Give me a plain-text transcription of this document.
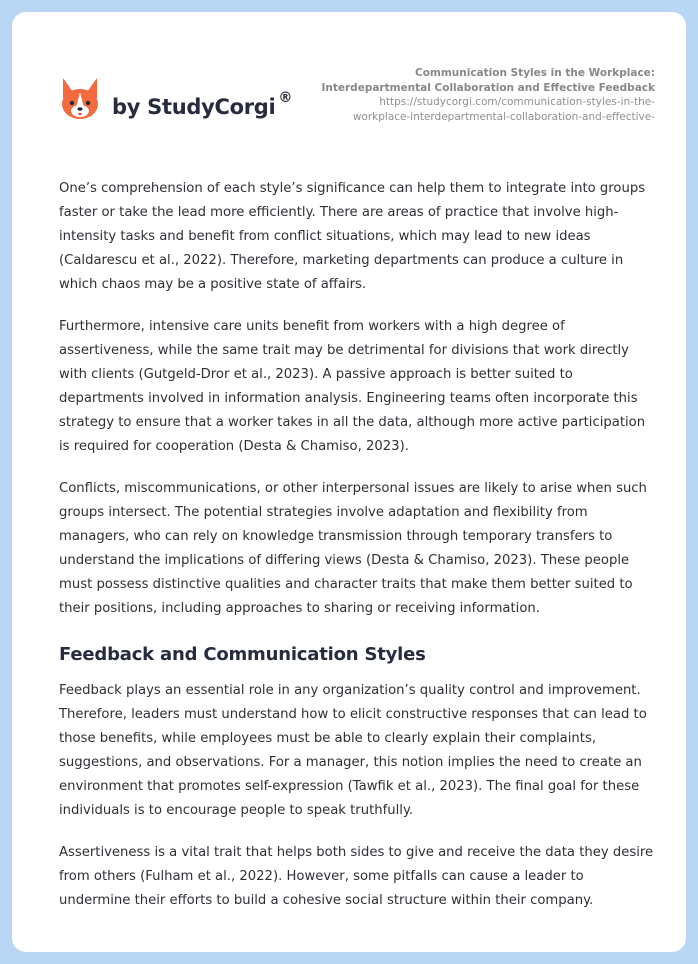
by StudyCorgi ®
Communication Styles in the Workplace:
Interdepartmental Collaboration and Effective Feedback
https://studycorgi.com/communication-styles-in-the-
workplace-interdepartmental-collaboration-and-effective-

One’s comprehension of each style’s significance can help them to integrate into groups faster or take the lead more efficiently. There are areas of practice that involve high-intensity tasks and benefit from conflict situations, which may lead to new ideas (Caldarescu et al., 2022). Therefore, marketing departments can produce a culture in which chaos may be a positive state of affairs.

Furthermore, intensive care units benefit from workers with a high degree of assertiveness, while the same trait may be detrimental for divisions that work directly with clients (Gutgeld-Dror et al., 2023). A passive approach is better suited to departments involved in information analysis. Engineering teams often incorporate this strategy to ensure that a worker takes in all the data, although more active participation is required for cooperation (Desta & Chamiso, 2023).

Conflicts, miscommunications, or other interpersonal issues are likely to arise when such groups intersect. The potential strategies involve adaptation and flexibility from managers, who can rely on knowledge transmission through temporary transfers to understand the implications of differing views (Desta & Chamiso, 2023). These people must possess distinctive qualities and character traits that make them better suited to their positions, including approaches to sharing or receiving information.

Feedback and Communication Styles

Feedback plays an essential role in any organization’s quality control and improvement. Therefore, leaders must understand how to elicit constructive responses that can lead to those benefits, while employees must be able to clearly explain their complaints, suggestions, and observations. For a manager, this notion implies the need to create an environment that promotes self-expression (Tawfik et al., 2023). The final goal for these individuals is to encourage people to speak truthfully.

Assertiveness is a vital trait that helps both sides to give and receive the data they desire from others (Fulham et al., 2022). However, some pitfalls can cause a leader to undermine their efforts to build a cohesive social structure within their company.
